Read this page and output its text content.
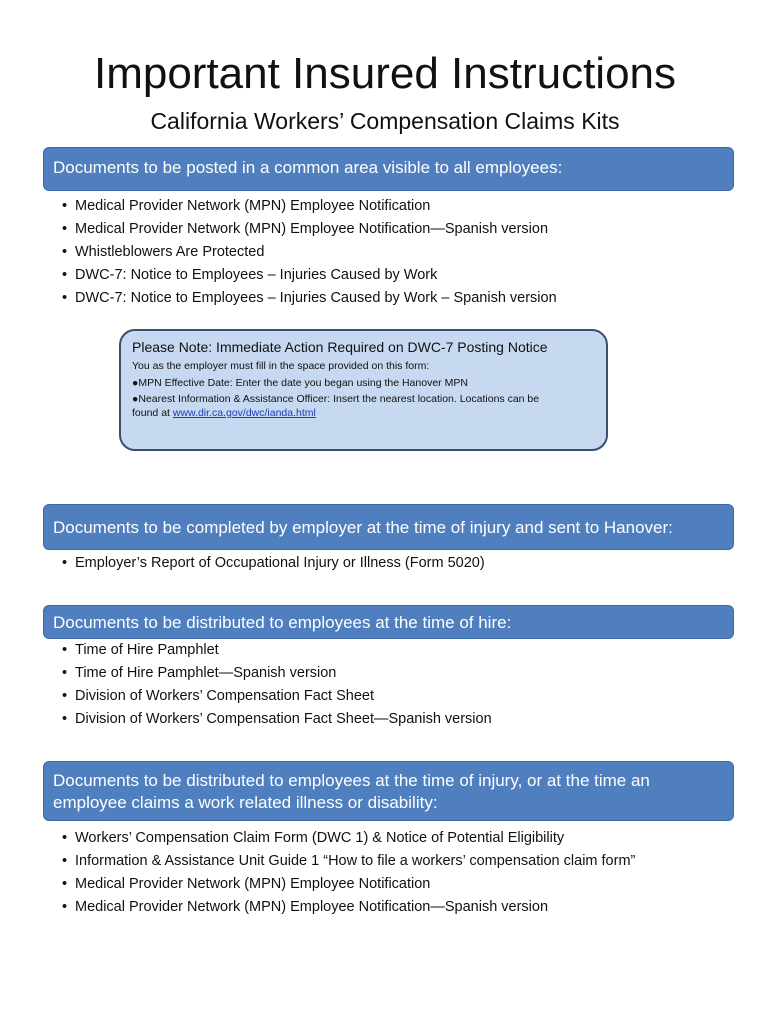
Important Insured Instructions
California Workers’ Compensation Claims Kits
Documents to be posted in a common area visible to all employees:
• Medical Provider Network (MPN) Employee Notification
• Medical Provider Network (MPN) Employee Notification—Spanish version
• Whistleblowers Are Protected
• DWC-7: Notice to Employees – Injuries Caused by Work
• DWC-7: Notice to Employees – Injuries Caused by Work – Spanish version
Please Note: Immediate Action Required on DWC-7 Posting Notice
You as the employer must fill in the space provided on this form:
●MPN Effective Date: Enter the date you began using the Hanover MPN
●Nearest Information & Assistance Officer: Insert the nearest location. Locations can be
found at www.dir.ca.gov/dwc/ianda.html
Documents to be completed by employer at the time of injury and sent to Hanover:
• Employer’s Report of Occupational Injury or Illness (Form 5020)
Documents to be distributed to employees at the time of hire:
• Time of Hire Pamphlet
• Time of Hire Pamphlet—Spanish version
• Division of Workers’ Compensation Fact Sheet
• Division of Workers’ Compensation Fact Sheet—Spanish version
Documents to be distributed to employees at the time of injury, or at the time an
employee claims a work related illness or disability:
• Workers’ Compensation Claim Form (DWC 1) & Notice of Potential Eligibility
• Information & Assistance Unit Guide 1 “How to file a workers’ compensation claim form”
• Medical Provider Network (MPN) Employee Notification
• Medical Provider Network (MPN) Employee Notification—Spanish version
